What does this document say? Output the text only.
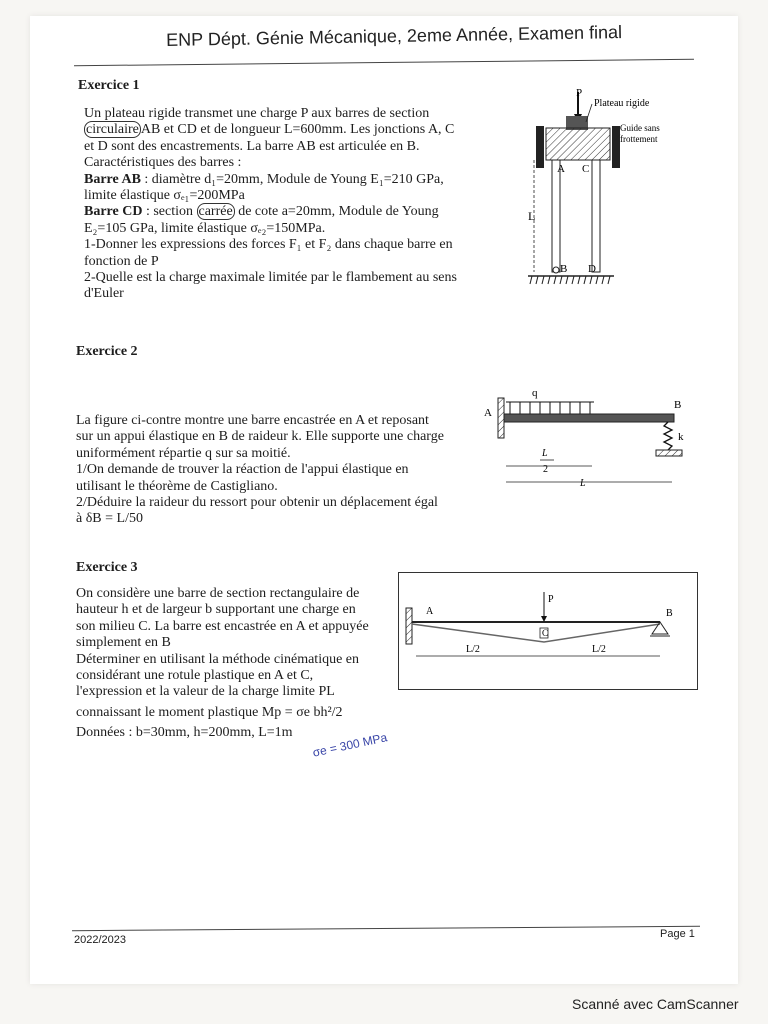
ENP Dépt. Génie Mécanique, 2eme Année, Examen final
Exercice 1

Un plateau rigide transmet une charge P aux barres de section

circulaire AB et CD et de longueur L=600mm. Les jonctions A, C

et D sont des encastrements. La barre AB est articulée en B.

Caractéristiques des barres :

Barre AB : diamètre d₁=20mm, Module de Young E₁=210 GPa,

limite élastique σₑ₁=200MPa

Barre CD : section carrée de cote a=20mm, Module de Young

E₂=105 GPa, limite élastique σₑ₂=150MPa.

1-Donner les expressions des forces F₁ et F₂ dans chaque barre en

fonction de P

2-Quelle est la charge maximale limitée par le flambement au sens

d'Euler

P
Plateau rigide
Guide sans
frottement
A C
L
B D
Exercice 2

La figure ci-contre montre une barre encastrée en A et reposant

sur un appui élastique en B de raideur k. Elle supporte une charge

uniformément répartie q sur sa moitié.

1/On demande de trouver la réaction de l'appui élastique en

utilisant le théorème de Castigliano.

2/Déduire la raideur du ressort pour obtenir un déplacement égal

à δB = L/50

q
A
B
k
L
2
L
Exercice 3

On considère une barre de section rectangulaire de

hauteur h et de largeur b supportant une charge en

son milieu C. La barre est encastrée en A et appuyée

simplement en B

Déterminer en utilisant la méthode cinématique en

considérant une rotule plastique en A et C,

l'expression et la valeur de la charge limite PL

connaissant le moment plastique Mp = σe bh²/2

Données : b=30mm, h=200mm, L=1m	σe = 300 MPa
A
P
C
B
L/2	L/2
2022/2023	Page 1
Scanné avec CamScanner
